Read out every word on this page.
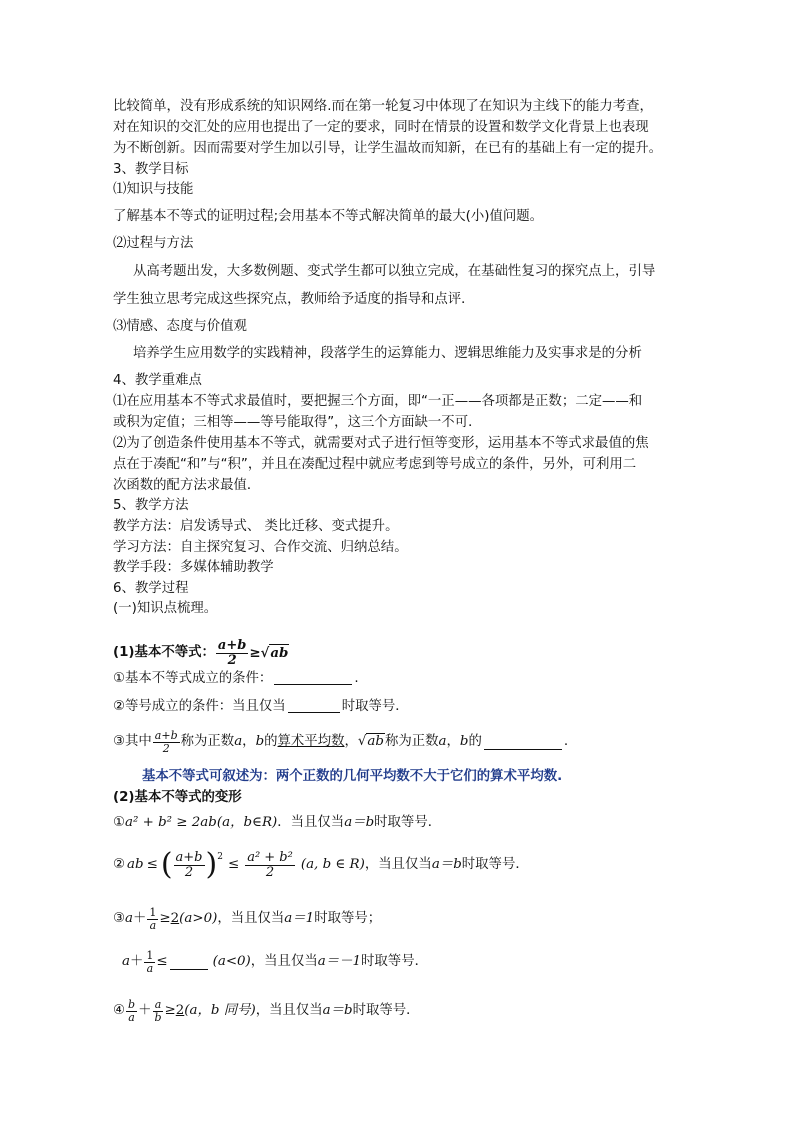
比较简单，没有形成系统的知识网络.而在第一轮复习中体现了在知识为主线下的能力考查，
对在知识的交汇处的应用也提出了一定的要求，同时在情景的设置和数学文化背景上也表现
为不断创新。因而需要对学生加以引导，让学生温故而知新，在已有的基础上有一定的提升。
3、教学目标
⑴知识与技能
了解基本不等式的证明过程;会用基本不等式解决简单的最大(小)值问题。
⑵过程与方法
从高考题出发，大多数例题、变式学生都可以独立完成，在基础性复习的探究点上，引导
学生独立思考完成这些探究点，教师给予适度的指导和点评．
⑶情感、态度与价值观
培养学生应用数学的实践精神，段落学生的运算能力、逻辑思维能力及实事求是的分析
4、教学重难点
⑴在应用基本不等式求最值时，要把握三个方面，即“一正——各项都是正数；二定——和
或积为定值；三相等——等号能取得”，这三个方面缺一不可．
⑵为了创造条件使用基本不等式，就需要对式子进行恒等变形，运用基本不等式求最值的焦
点在于凑配“和”与“积”，并且在凑配过程中就应考虑到等号成立的条件，另外，可利用二
次函数的配方法求最值．
5、教学方法
教学方法：启发诱导式、 类比迁移、变式提升。
学习方法：自主探究复习、合作交流、归纳总结。
教学手段：多媒体辅助教学
6、教学过程
(一)知识点梳理。
(1)基本不等式： $\frac{a+b}{2} \ge √ab$
①基本不等式成立的条件：	.
②等号成立的条件：当且仅当	时取等号．
③其中 $\frac{a+b}{2}$ 称为正数 a ， b 的 算术平均数 ， √ab 称为正数 a ， b 的	.
基本不等式可叙述为：两个正数的几何平均数不大于它们的算术平均数.
(2)基本不等式的变形
①a² + b² ≥ 2ab(a，b∈R)．当且仅当a＝b时取等号．
② ab ≤ ( $\frac{a+b}{2} )^2 \le \frac{\text{a² + b²}}{2} (a$, b ∈ R) ，当且仅当 a＝b 时取等号．
③ $a + \frac{1}{a} \ge 2$ (a>0) ，当且仅当 a＝1 时取等号；
$a + \frac{1}{a}$ ≤	(a<0) ，当且仅当 a＝－1 时取等号．
④ $\frac{b}{a} + \frac{a}{b} \ge 2$ (a，b 同号) ，当且仅当 a＝b 时取等号．
